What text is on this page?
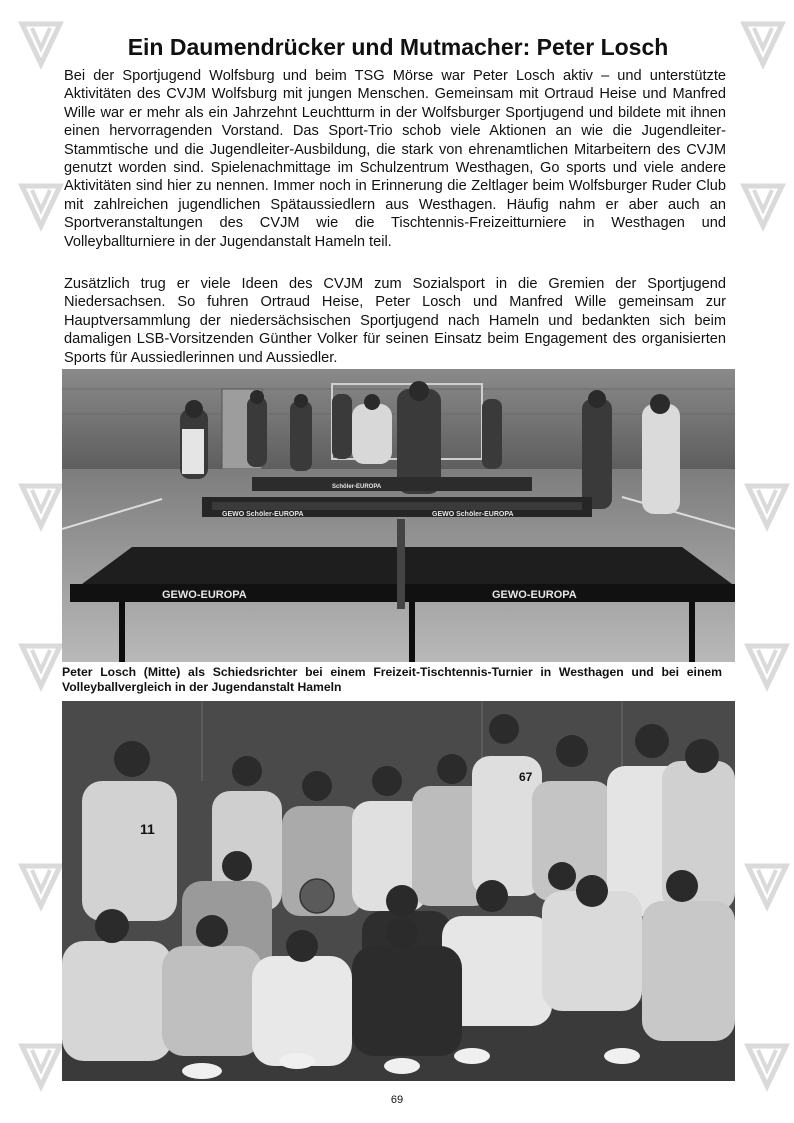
Ein Daumendrücker und Mutmacher: Peter Losch

Bei der Sportjugend Wolfsburg und beim TSG Mörse war Peter Losch aktiv – und unterstützte Aktivitäten des CVJM Wolfsburg mit jungen Menschen. Gemeinsam mit Ortraud Heise und Manfred Wille war er mehr als ein Jahrzehnt Leuchtturm in der Wolfsburger Sportjugend und bildete mit ihnen einen hervorragenden Vorstand. Das Sport-Trio schob viele Aktionen an wie die Jugendleiter-Stammtische und die Jugendleiter-Ausbildung, die stark von ehrenamtlichen Mitarbeitern des CVJM genutzt worden sind. Spielenachmittage im Schulzentrum Westhagen, Go sports und viele andere Aktivitäten sind hier zu nennen. Immer noch in Erinnerung die Zeltlager beim Wolfsburger Ruder Club mit zahlreichen jugendlichen Spätaussiedlern aus Westhagen. Häufig nahm er aber auch an Sportveranstaltungen des CVJM wie die Tischtennis-Freizeitturniere in Westhagen und Volleyballturniere in der Jugendanstalt Hameln teil.

Zusätzlich trug er viele Ideen des CVJM zum Sozialsport in die Gremien der Sportjugend Niedersachsen. So fuhren Ortraud Heise, Peter Losch und Manfred Wille gemeinsam zur Hauptversammlung der niedersächsischen Sportjugend nach Hameln und bedankten sich beim damaligen LSB-Vorsitzenden Günther Volker für seinen Einsatz beim Engagement des organisierten Sports für Aussiedlerinnen und Aussiedler.

GEWO-EUROPA	GEWO-EUROPA
GEWO Schöler-EUROPA	GEWO Schöler-EUROPA
Schöler-EUROPA

Peter Losch (Mitte) als Schiedsrichter bei einem Freizeit-Tischtennis-Turnier in Westhagen und bei einem Volleyballvergleich in der Jugendanstalt Hameln

11
67
69
